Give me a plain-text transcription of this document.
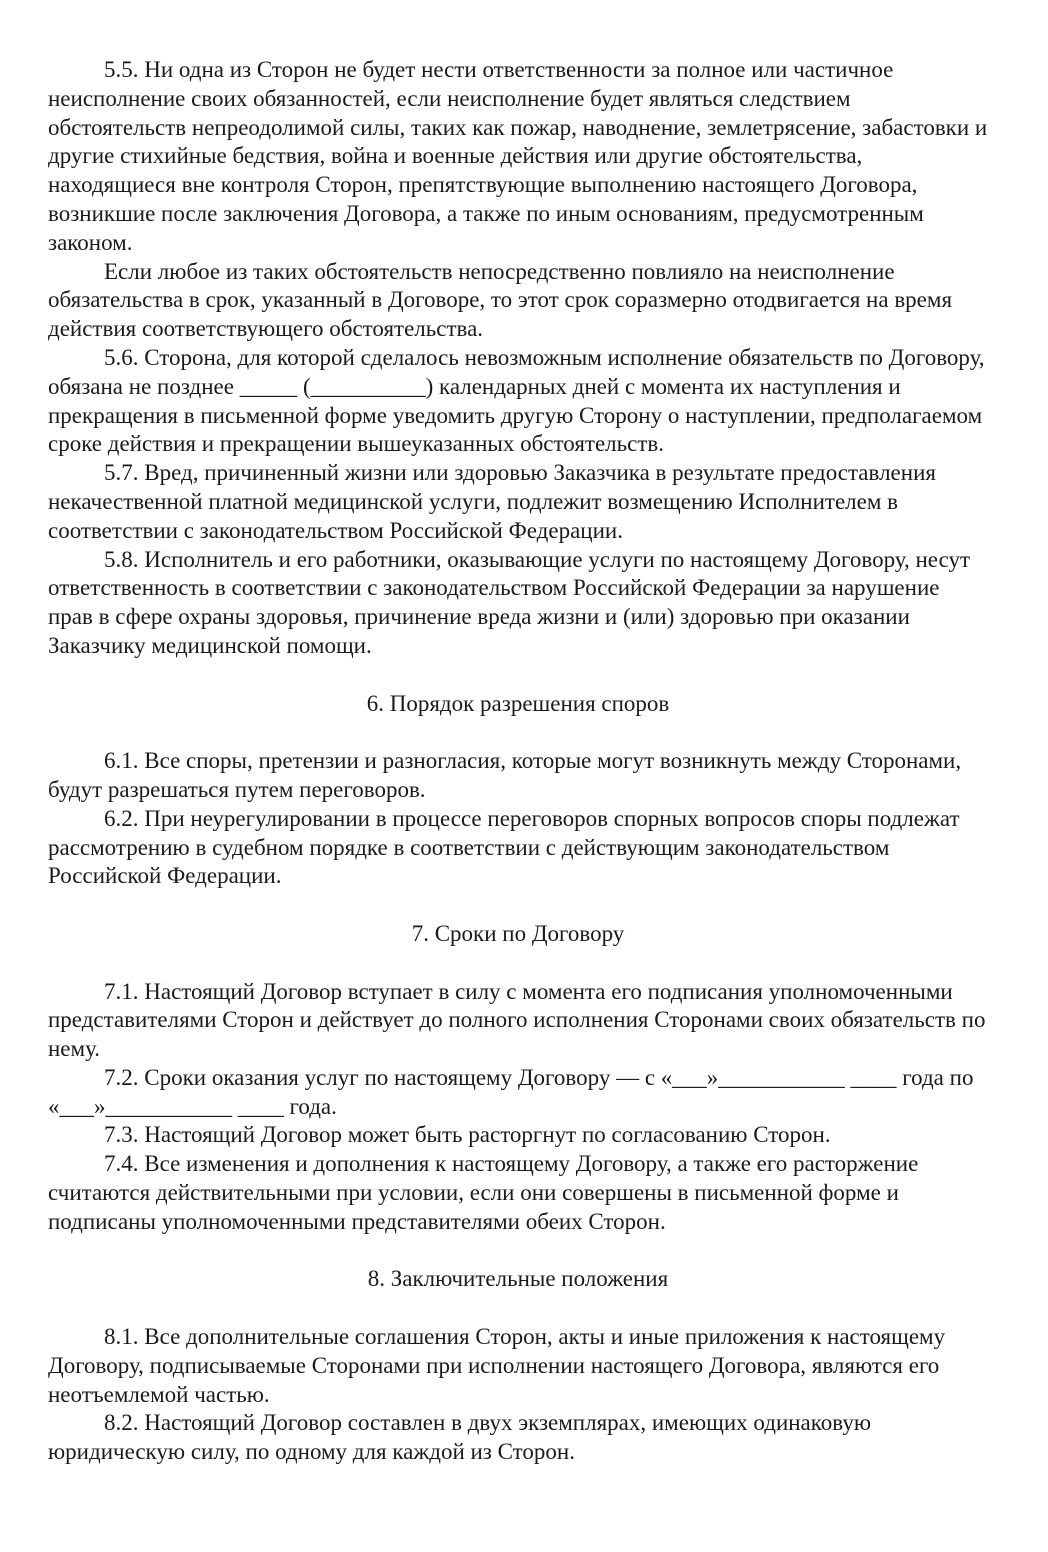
5.5. Ни одна из Сторон не будет нести ответственности за полное или частичное неисполнение своих обязанностей, если неисполнение будет являться следствием обстоятельств непреодолимой силы, таких как пожар, наводнение, землетрясение, забастовки и другие стихийные бедствия, война и военные действия или другие обстоятельства, находящиеся вне контроля Сторон, препятствующие выполнению настоящего Договора, возникшие после заключения Договора, а также по иным основаниям, предусмотренным законом.

Если любое из таких обстоятельств непосредственно повлияло на неисполнение обязательства в срок, указанный в Договоре, то этот срок соразмерно отодвигается на время действия соответствующего обстоятельства.

5.6. Сторона, для которой сделалось невозможным исполнение обязательств по Договору, обязана не позднее _____ (__________) календарных дней с момента их наступления и прекращения в письменной форме уведомить другую Сторону о наступлении, предполагаемом сроке действия и прекращении вышеуказанных обстоятельств.

5.7. Вред, причиненный жизни или здоровью Заказчика в результате предоставления некачественной платной медицинской услуги, подлежит возмещению Исполнителем в соответствии с законодательством Российской Федерации.

5.8. Исполнитель и его работники, оказывающие услуги по настоящему Договору, несут ответственность в соответствии с законодательством Российской Федерации за нарушение прав в сфере охраны здоровья, причинение вреда жизни и (или) здоровью при оказании Заказчику медицинской помощи.

6. Порядок разрешения споров

6.1. Все споры, претензии и разногласия, которые могут возникнуть между Сторонами, будут разрешаться путем переговоров.

6.2. При неурегулировании в процессе переговоров спорных вопросов споры подлежат рассмотрению в судебном порядке в соответствии с действующим законодательством Российской Федерации.

7. Сроки по Договору

7.1. Настоящий Договор вступает в силу с момента его подписания уполномоченными представителями Сторон и действует до полного исполнения Сторонами своих обязательств по нему.

7.2. Сроки оказания услуг по настоящему Договору — с «___»___________ ____ года по «___»___________ ____ года.

7.3. Настоящий Договор может быть расторгнут по согласованию Сторон.

7.4. Все изменения и дополнения к настоящему Договору, а также его расторжение считаются действительными при условии, если они совершены в письменной форме и подписаны уполномоченными представителями обеих Сторон.

8. Заключительные положения

8.1. Все дополнительные соглашения Сторон, акты и иные приложения к настоящему Договору, подписываемые Сторонами при исполнении настоящего Договора, являются его неотъемлемой частью.

8.2. Настоящий Договор составлен в двух экземплярах, имеющих одинаковую юридическую силу, по одному для каждой из Сторон.
